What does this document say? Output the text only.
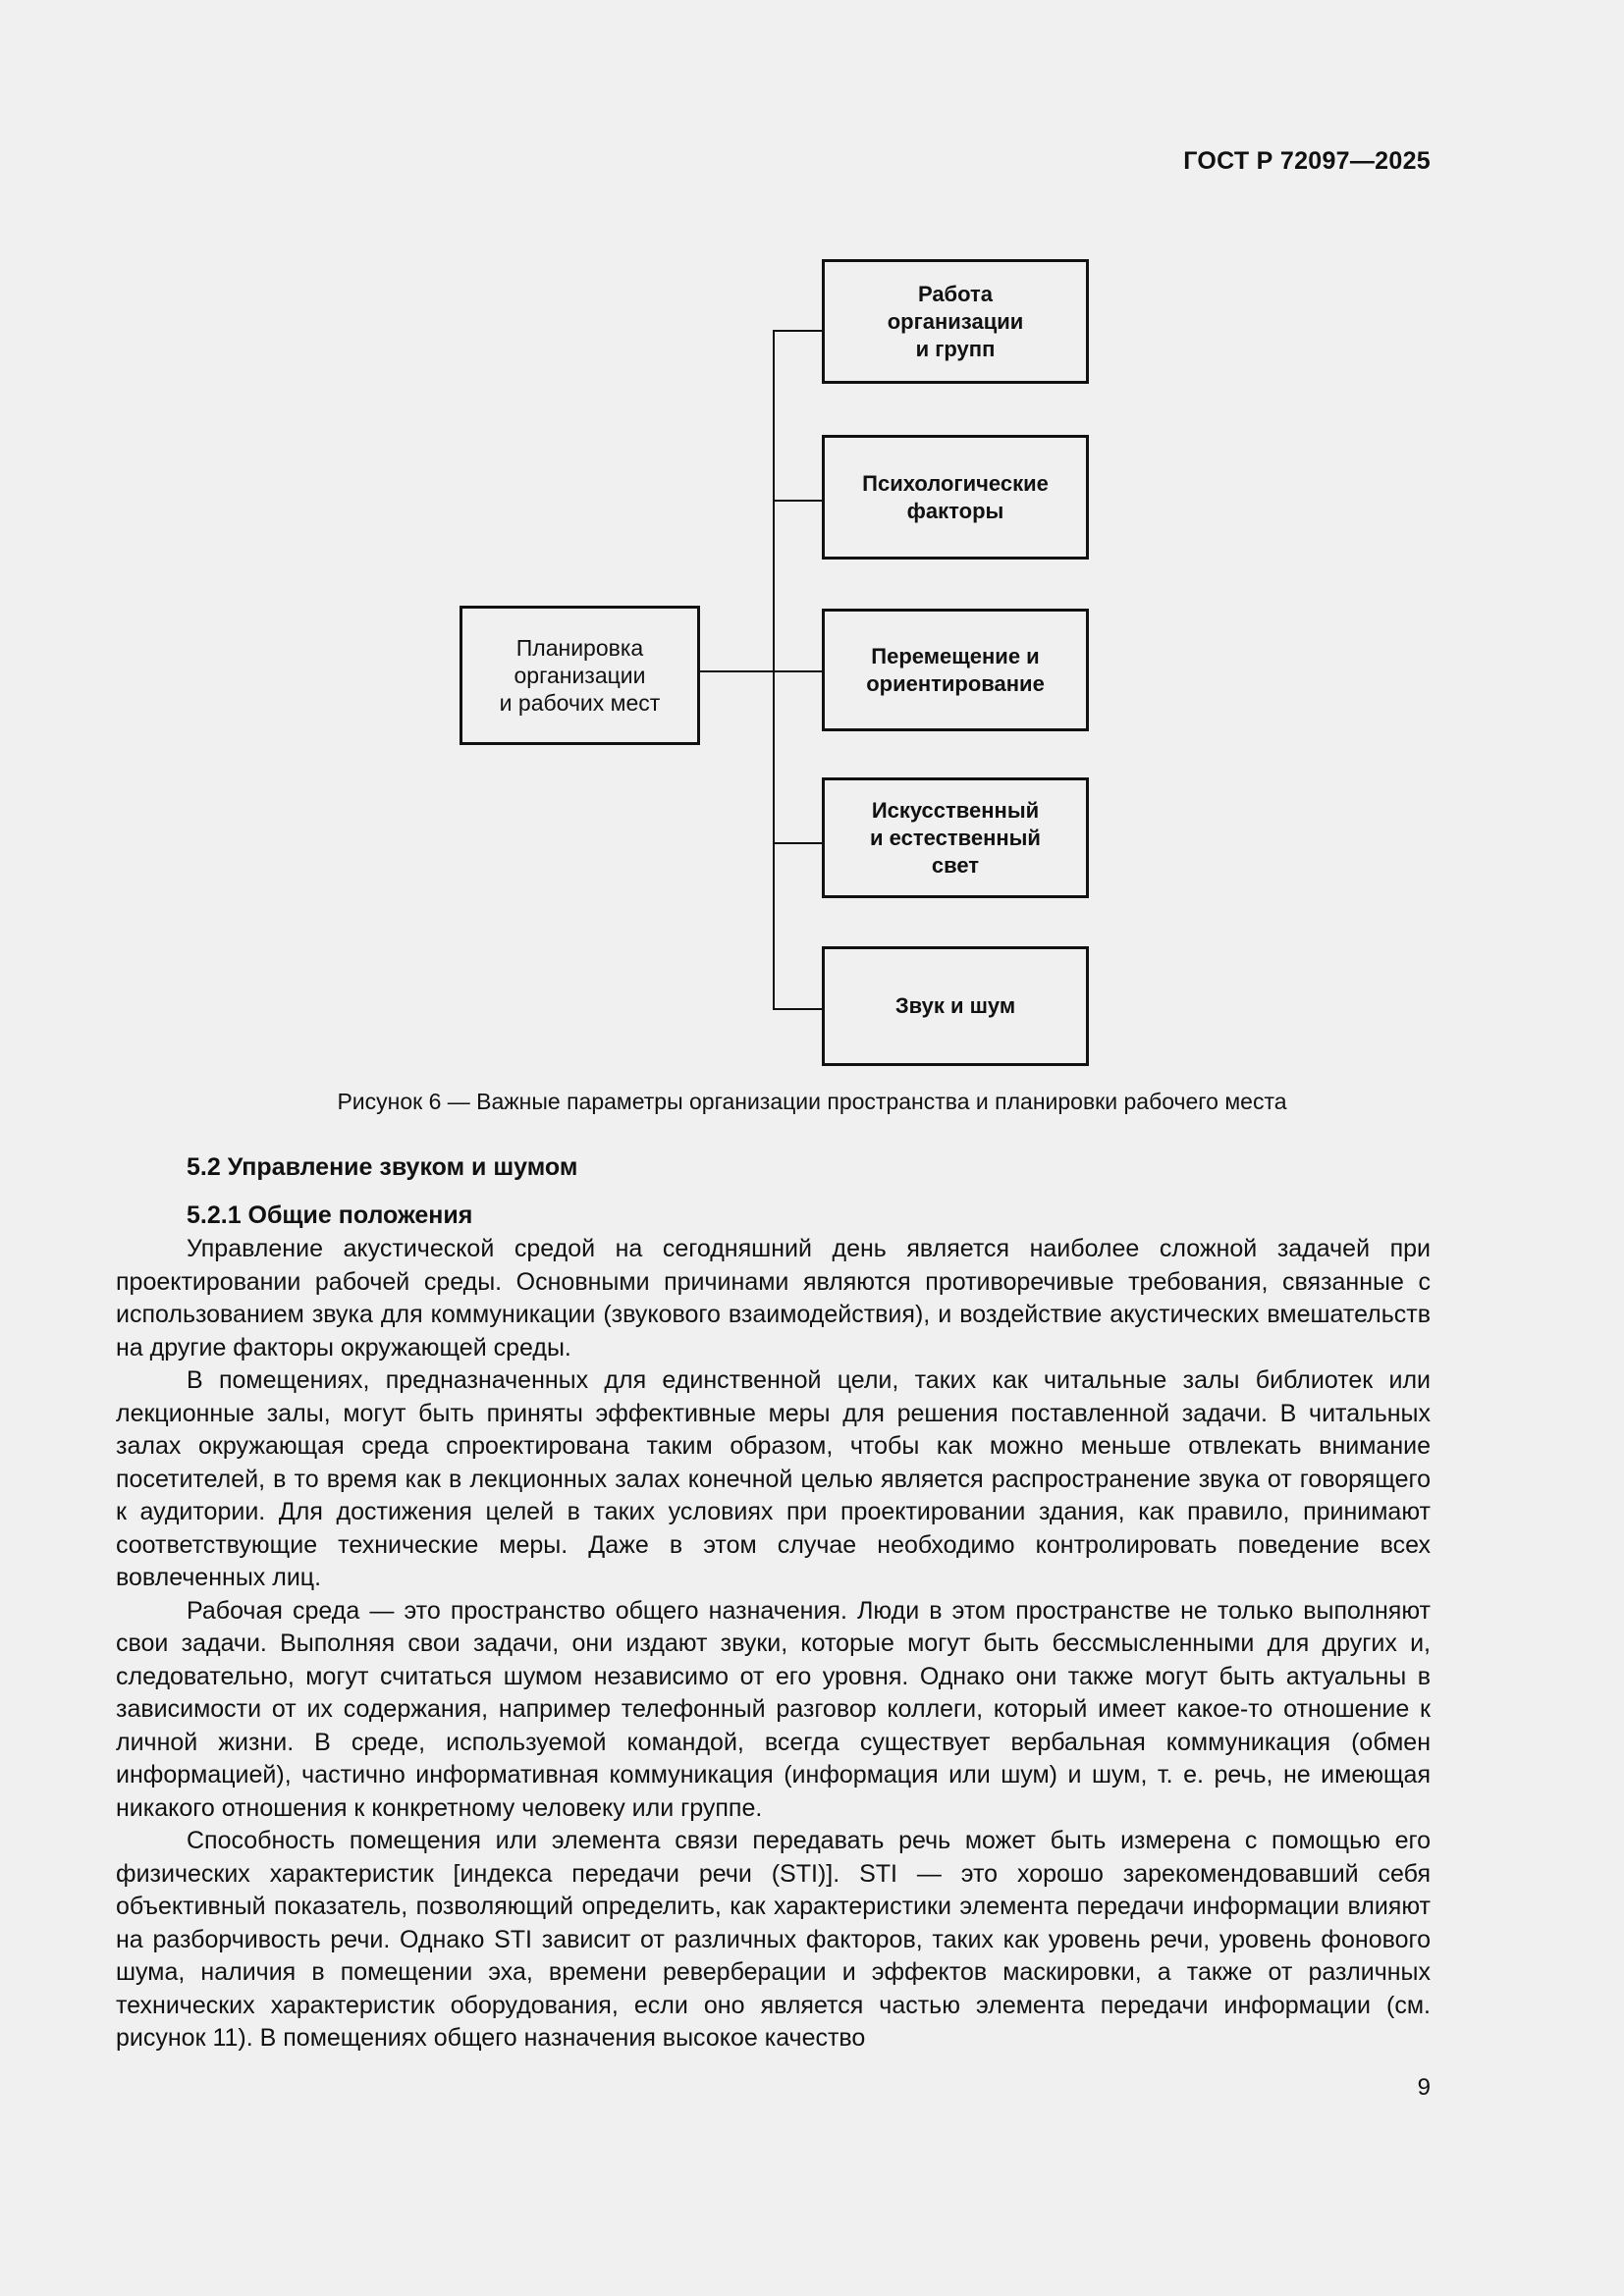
ГОСТ Р 72097—2025
Планировка
организации
и рабочих мест
Работа
организации
и групп
Психологические
факторы
Перемещение и
ориентирование
Искусственный
и естественный
свет
Звук и шум
Рисунок 6 — Важные параметры организации пространства и планировки рабочего места
5.2 Управление звуком и шумом
5.2.1 Общие положения

Управление акустической средой на сегодняшний день является наиболее сложной задачей при проектировании рабочей среды. Основными причинами являются противоречивые требования, связанные с использованием звука для коммуникации (звукового взаимодействия), и воздействие акустических вмешательств на другие факторы окружающей среды.

В помещениях, предназначенных для единственной цели, таких как читальные залы библиотек или лекционные залы, могут быть приняты эффективные меры для решения поставленной задачи. В читальных залах окружающая среда спроектирована таким образом, чтобы как можно меньше отвлекать внимание посетителей, в то время как в лекционных залах конечной целью является распространение звука от говорящего к аудитории. Для достижения целей в таких условиях при проектировании здания, как правило, принимают соответствующие технические меры. Даже в этом случае необходимо контролировать поведение всех вовлеченных лиц.

Рабочая среда — это пространство общего назначения. Люди в этом пространстве не только выполняют свои задачи. Выполняя свои задачи, они издают звуки, которые могут быть бессмысленными для других и, следовательно, могут считаться шумом независимо от его уровня. Однако они также могут быть актуальны в зависимости от их содержания, например телефонный разговор коллеги, который имеет какое-то отношение к личной жизни. В среде, используемой командой, всегда существует вербальная коммуникация (обмен информацией), частично информативная коммуникация (информация или шум) и шум, т. е. речь, не имеющая никакого отношения к конкретному человеку или группе.

Способность помещения или элемента связи передавать речь может быть измерена с помощью его физических характеристик [индекса передачи речи (STI)]. STI — это хорошо зарекомендовавший себя объективный показатель, позволяющий определить, как характеристики элемента передачи информации влияют на разборчивость речи. Однако STI зависит от различных факторов, таких как уровень речи, уровень фонового шума, наличия в помещении эха, времени реверберации и эффектов маскировки, а также от различных технических характеристик оборудования, если оно является частью элемента передачи информации (см. рисунок 11). В помещениях общего назначения высокое качество

9
